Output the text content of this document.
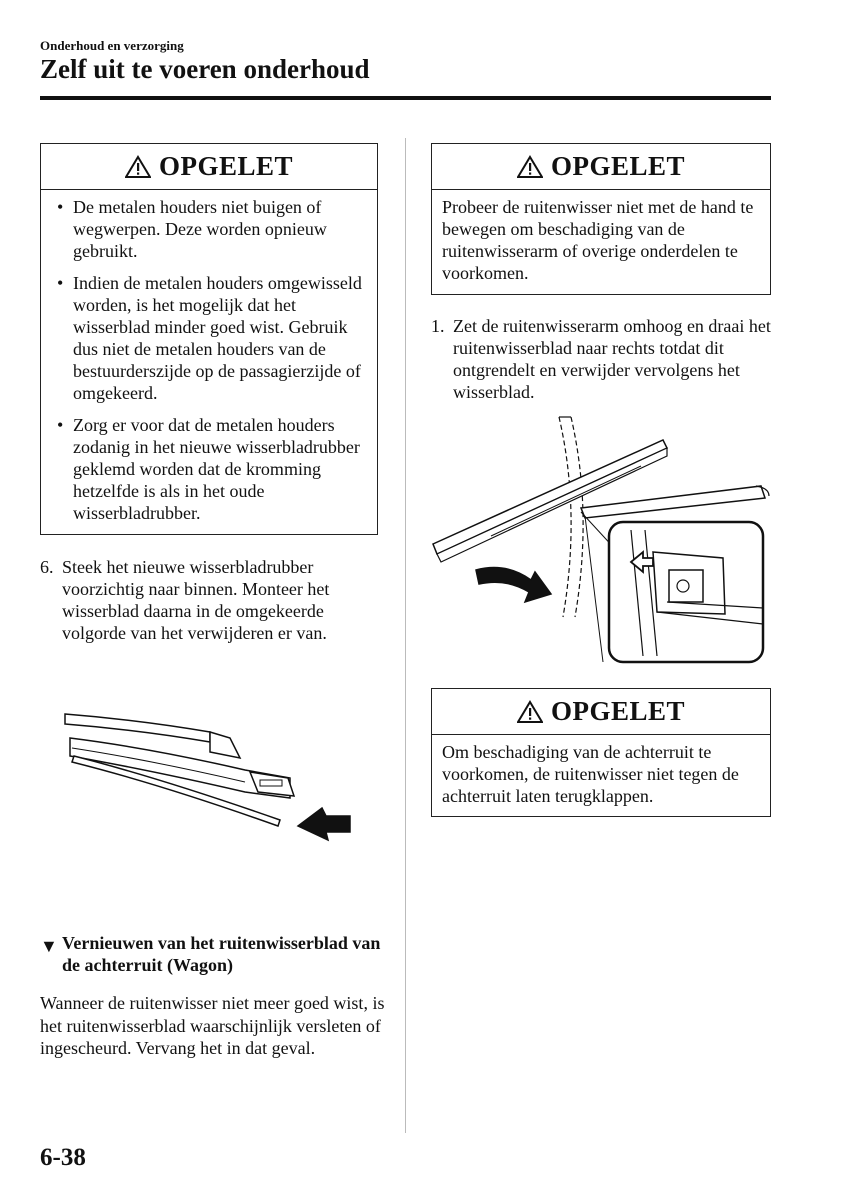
Onderhoud en verzorging
Zelf uit te voeren onderhoud
OPGELET
• De metalen houders niet buigen of wegwerpen. Deze worden opnieuw gebruikt.
• Indien de metalen houders omgewisseld worden, is het mogelijk dat het wisserblad minder goed wist. Gebruik dus niet de metalen houders van de bestuurderszijde op de passagierzijde of omgekeerd.
• Zorg er voor dat de metalen houders zodanig in het nieuwe wisserbladrubber geklemd worden dat de kromming hetzelfde is als in het oude wisserbladrubber.
6. Steek het nieuwe wisserbladrubber voorzichtig naar binnen. Monteer het wisserblad daarna in de omgekeerde volgorde van het verwijderen er van.
▼ Vernieuwen van het ruitenwisserblad van de achterruit (Wagon)
Wanneer de ruitenwisser niet meer goed wist, is het ruitenwisserblad waarschijnlijk versleten of ingescheurd. Vervang het in dat geval.
OPGELET
Probeer de ruitenwisser niet met de hand te bewegen om beschadiging van de ruitenwisserarm of overige onderdelen te voorkomen.
1. Zet de ruitenwisserarm omhoog en draai het ruitenwisserblad naar rechts totdat dit ontgrendelt en verwijder vervolgens het wisserblad.
OPGELET
Om beschadiging van de achterruit te voorkomen, de ruitenwisser niet tegen de achterruit laten terugklappen.
6-38
